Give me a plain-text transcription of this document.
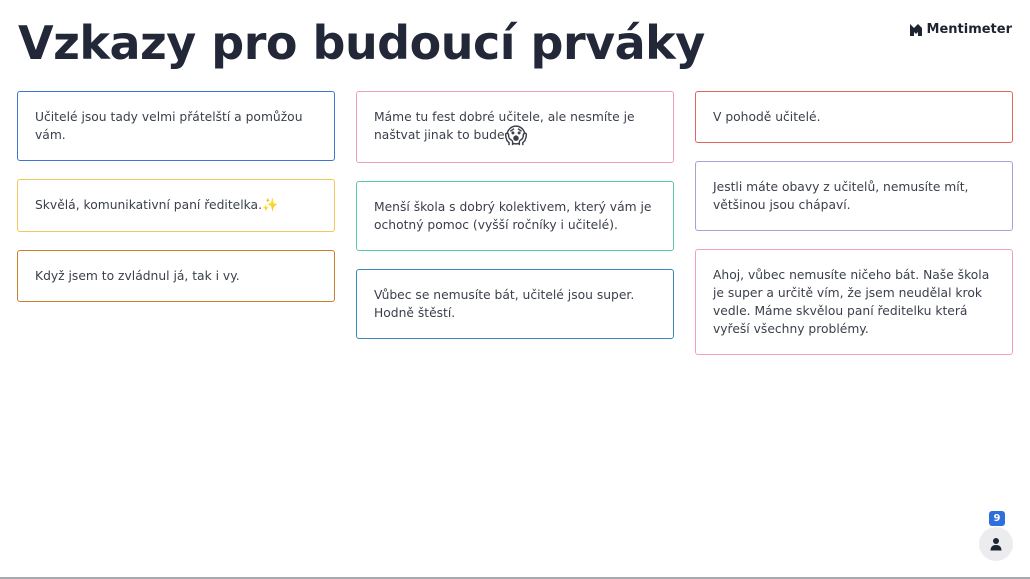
Vzkazy pro budoucí prváky	Mentimeter
Učitelé jsou tady velmi přátelští a pomůžou vám.
Skvělá, komunikativní paní ředitelka.✨
Když jsem to zvládnul já, tak i vy.
Máme tu fest dobré učitele, ale nesmíte je naštvat jinak to bude😱
Menší škola s dobrý kolektivem, který vám je ochotný pomoc (vyšší ročníky i učitelé).
Vůbec se nemusíte bát, učitelé jsou super. Hodně štěstí.
V pohodě učitelé.
Jestli máte obavy z učitelů, nemusíte mít, většinou jsou chápaví.
Ahoj, vůbec nemusíte ničeho bát. Naše škola je super a určitě vím, že jsem neudělal krok vedle. Máme skvělou paní ředitelku která vyřeší všechny problémy.
9
